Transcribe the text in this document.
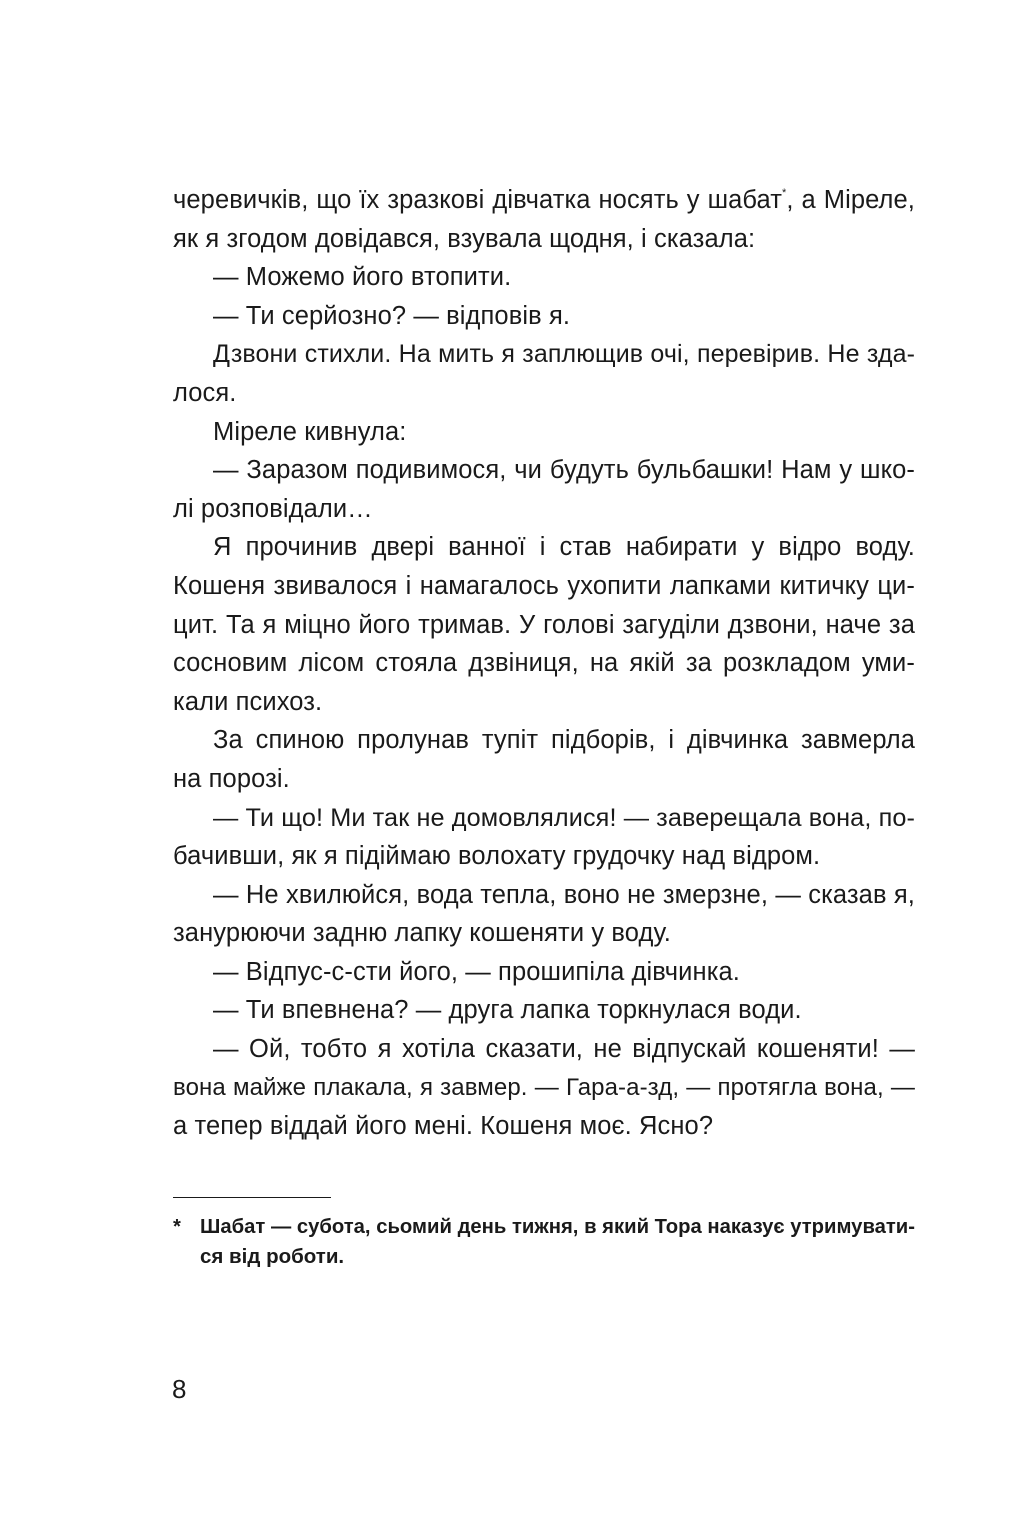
черевичків, що їх зразкові дівчатка носять у шабат*, а Мірелe,
як я згодом довідався, взувала щодня, і сказала:
— Можемо його втопити.
— Ти серйозно? — відповів я.
Дзвони стихли. На мить я заплющив очі, перевірив. Не зда-
лося.
Міреле кивнула:
— Заразом подивимося, чи будуть бульбашки! Нам у шко-
лі розповідали…
Я прочинив двері ванної і став набирати у відро воду.
Кошеня звивалося і намагалось ухопити лапками китичку ци-
цит. Та я міцно його тримав. У голові загуділи дзвони, наче за
сосновим лісом стояла дзвіниця, на якій за розкладом уми-
кали психоз.
За спиною пролунав тупіт підборів, і дівчинка завмерла
на порозі.
— Ти що! Ми так не домовлялися! — заверещала вона, по-
бачивши, як я підіймаю волохату грудочку над відром.
— Не хвилюйся, вода тепла, воно не змерзне, — сказав я,
занурюючи задню лапку кошеняти у воду.
— Відпус-с-сти його, — прошипіла дівчинка.
— Ти впевнена? — друга лапка торкнулася води.
— Ой, тобто я хотіла сказати, не відпускай кошеняти! —
вона майже плакала, я завмер. — Гара-а-зд, — протягла вона, —
а тепер віддай його мені. Кошеня моє. Ясно?
* Шабат — субота, сьомий день тижня, в який Тора наказує утримувати-
ся від роботи.
8
